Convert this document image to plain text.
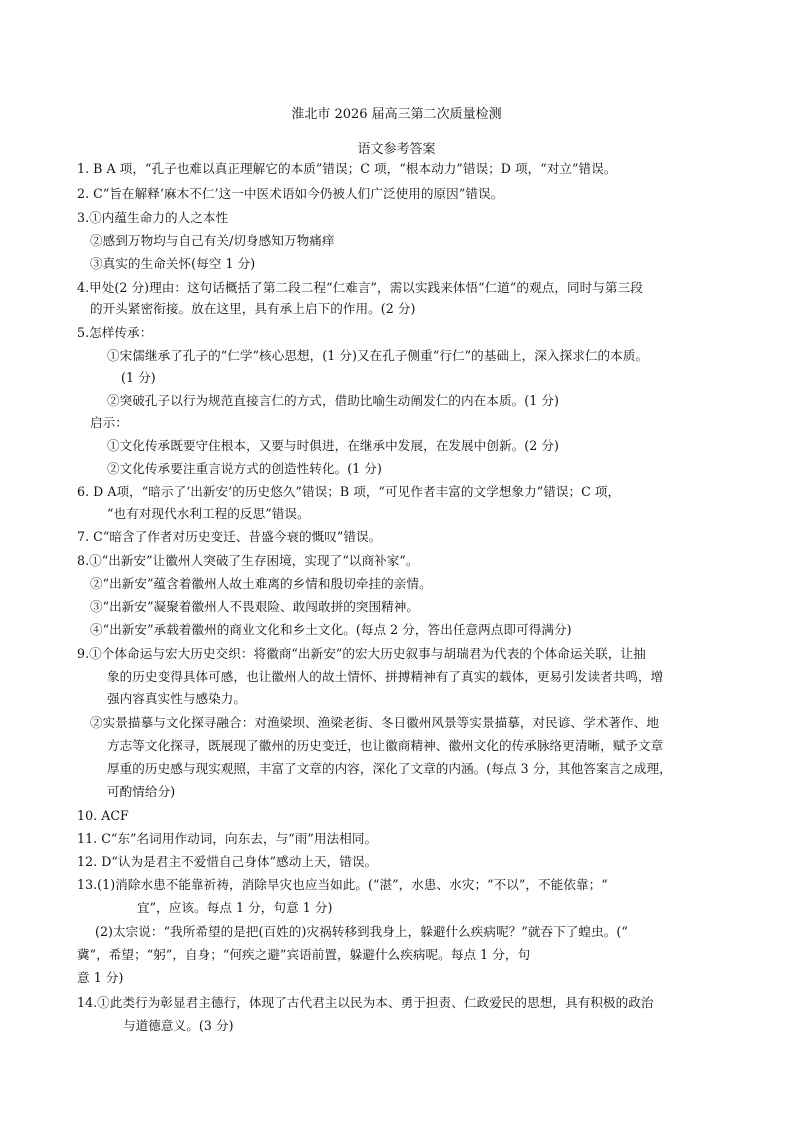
淮北市 2026 届高三第二次质量检测
语文参考答案
1. B A 项，“孔子也难以真正理解它的本质”错误；C 项，“根本动力”错误；D 项，“对立”错误。
2. C“旨在解释‘麻木不仁’这一中医术语如今仍被人们广泛使用的原因”错误。
3.①内蕴生命力的人之本性
②感到万物均与自己有关/切身感知万物痛痒
③真实的生命关怀(每空 1 分)
4.甲处(2 分)理由：这句话概括了第二段二程“仁难言”，需以实践来体悟“仁道”的观点，同时与第三段
的开头紧密衔接。放在这里，具有承上启下的作用。(2 分)
5.怎样传承：
①宋儒继承了孔子的“仁学”核心思想，(1 分)又在孔子侧重“行仁”的基础上，深入探求仁的本质。
(1 分)
②突破孔子以行为规范直接言仁的方式，借助比喻生动阐发仁的内在本质。(1 分)
启示：
①文化传承既要守住根本，又要与时俱进，在继承中发展，在发展中创新。(2 分)
②文化传承要注重言说方式的创造性转化。(1 分)
6. D A项，“暗示了‘出新安’的历史悠久”错误；B 项，“可见作者丰富的文学想象力”错误；C 项，
“也有对现代水利工程的反思”错误。
7. C“暗含了作者对历史变迁、昔盛今衰的慨叹”错误。
8.①“出新安”让徽州人突破了生存困境，实现了“以商补家”。
②“出新安”蕴含着徽州人故土难离的乡情和殷切牵挂的亲情。
③“出新安”凝聚着徽州人不畏艰险、敢闯敢拼的突围精神。
④“出新安”承载着徽州的商业文化和乡土文化。(每点 2 分，答出任意两点即可得满分)
9.①个体命运与宏大历史交织：将徽商“出新安”的宏大历史叙事与胡瑞君为代表的个体命运关联，让抽
象的历史变得具体可感，也让徽州人的故土情怀、拼搏精神有了真实的载体，更易引发读者共鸣，增
强内容真实性与感染力。
②实景描摹与文化探寻融合：对渔梁坝、渔梁老街、冬日徽州风景等实景描摹，对民谚、学术著作、地
方志等文化探寻，既展现了徽州的历史变迁，也让徽商精神、徽州文化的传承脉络更清晰，赋予文章
厚重的历史感与现实观照，丰富了文章的内容，深化了文章的内涵。(每点 3 分，其他答案言之成理，
可酌情给分)
10. ACF
11. C“东”名词用作动词，向东去，与“雨”用法相同。
12. D“认为是君主不爱惜自己身体”感动上天，错误。
13.(1)消除水患不能靠祈祷，消除旱灾也应当如此。(“湛”，水患、水灾；“不以”，不能依靠；“
宜”，应该。每点 1 分，句意 1 分)
(2)太宗说：“我所希望的是把(百姓的)灾祸转移到我身上，躲避什么疾病呢？”就吞下了蝗虫。(“
冀”，希望；“躬”，自身；“何疾之避”宾语前置，躲避什么疾病呢。每点 1 分，句
意 1 分)
14.①此类行为彰显君主德行，体现了古代君主以民为本、勇于担责、仁政爱民的思想，具有积极的政治
与道德意义。(3 分)
